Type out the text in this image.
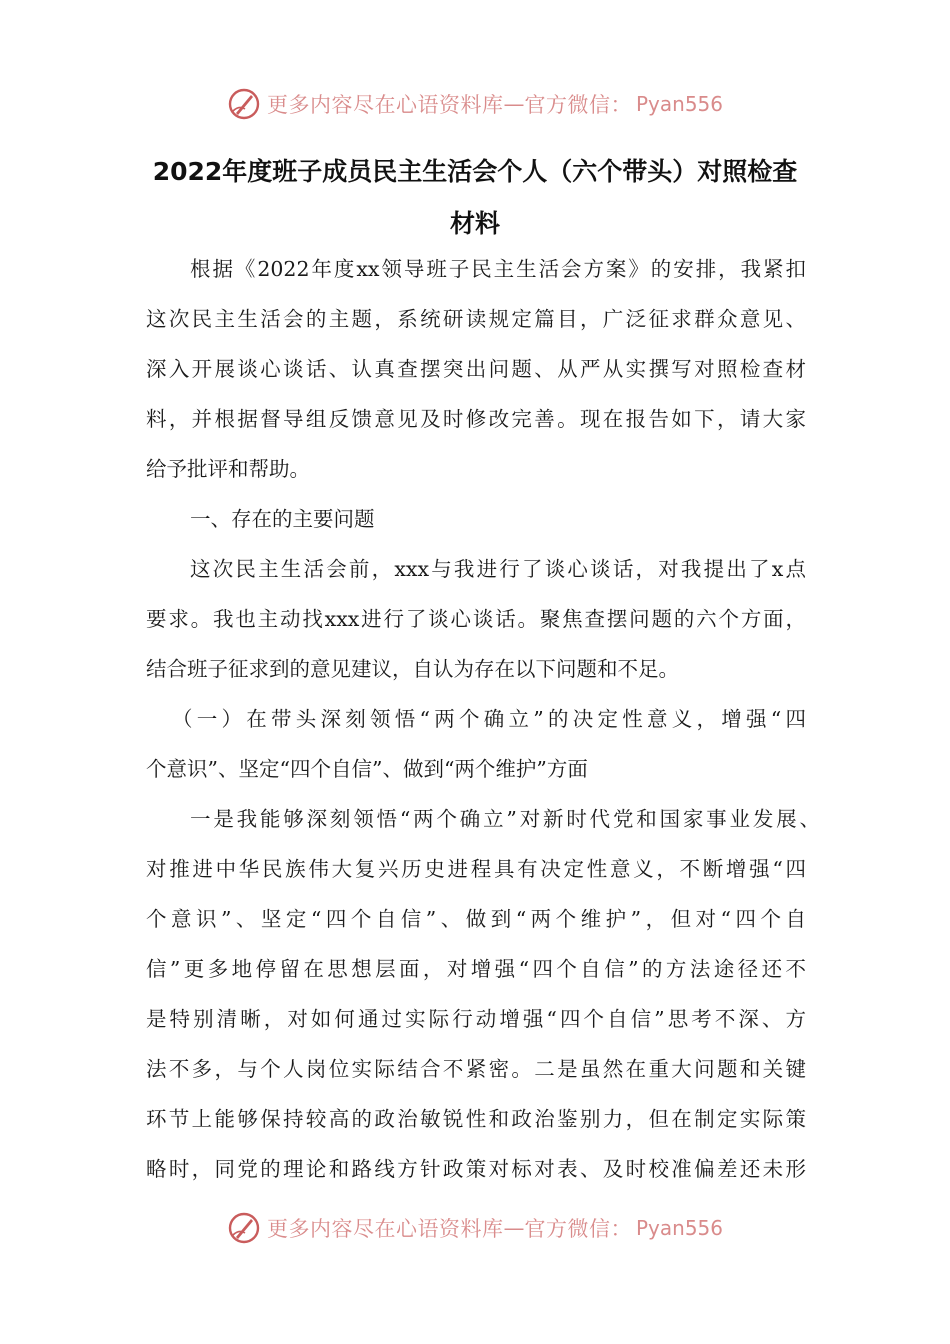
更多内容尽在心语资料库 — 官方微信： Pyan556
2022年度班子成员民主生活会个人（六个带头）对照检查
材料
根据《2022年度xx领导班子民主生活会方案》的安排，我紧扣
这次民主生活会的主题，系统研读规定篇目，广泛征求群众意见、
深入开展谈心谈话、认真查摆突出问题、从严从实撰写对照检查材
料，并根据督导组反馈意见及时修改完善。现在报告如下，请大家
给予批评和帮助。
一、存在的主要问题
这次民主生活会前，xxx与我进行了谈心谈话，对我提出了x点
要求。我也主动找xxx进行了谈心谈话。聚焦查摆问题的六个方面，
结合班子征求到的意见建议，自认为存在以下问题和不足。
（一）在带头深刻领悟“两个确立”的决定性意义，增强“四
个意识”、坚定“四个自信”、做到“两个维护”方面
一是我能够深刻领悟“两个确立”对新时代党和国家事业发展、
对推进中华民族伟大复兴历史进程具有决定性意义，不断增强“四
个意识”、坚定“四个自信”、做到“两个维护”，但对“四个自
信”更多地停留在思想层面，对增强“四个自信”的方法途径还不
是特别清晰，对如何通过实际行动增强“四个自信”思考不深、方
法不多，与个人岗位实际结合不紧密。二是虽然在重大问题和关键
环节上能够保持较高的政治敏锐性和政治鉴别力，但在制定实际策
略时，同党的理论和路线方针政策对标对表、及时校准偏差还未形
更多内容尽在心语资料库 — 官方微信： Pyan556
